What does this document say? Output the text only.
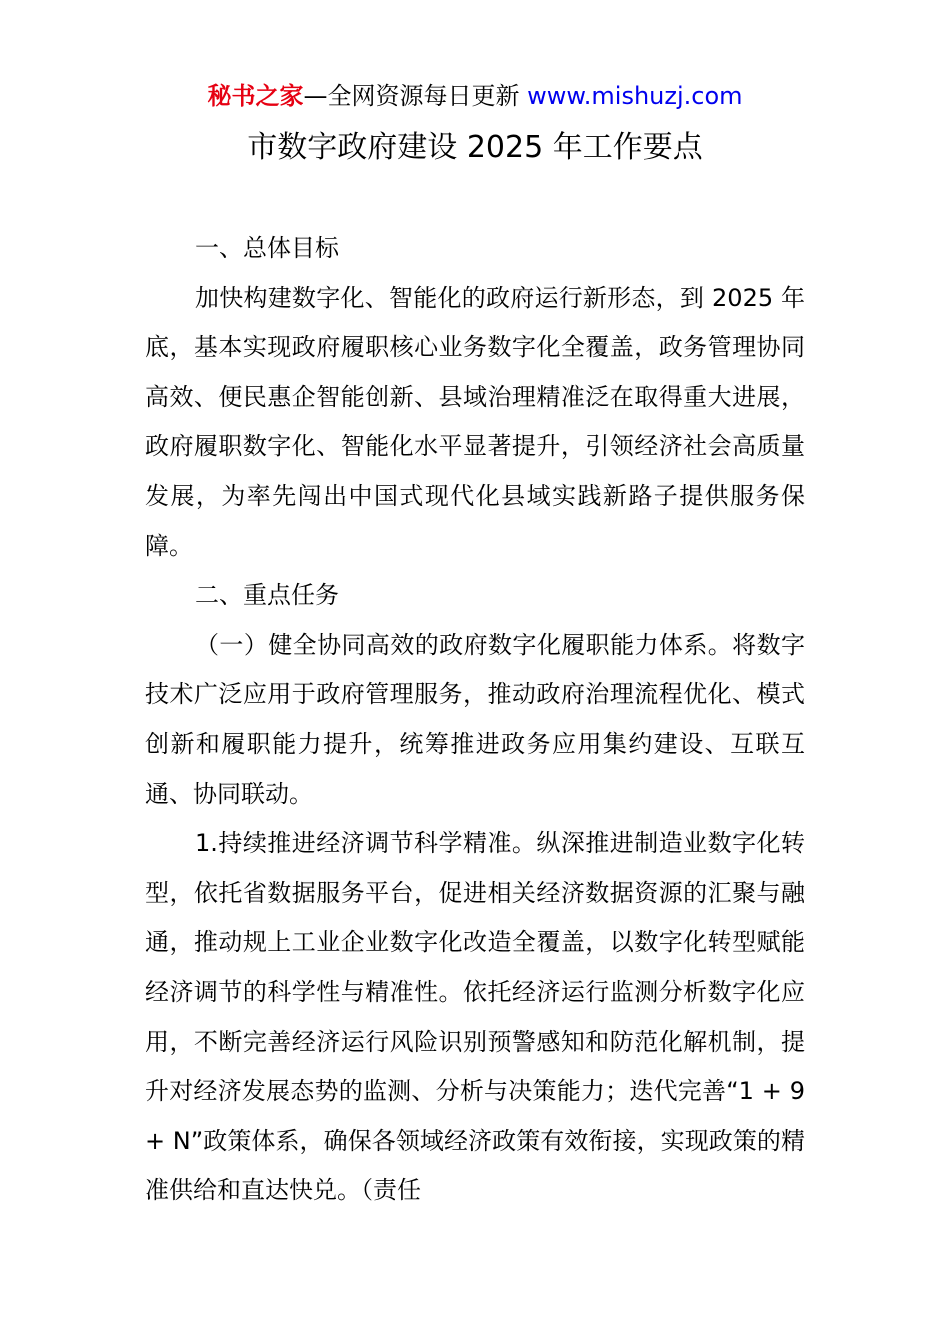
秘书之家—全网资源每日更新 www.mishuzj.com
市数字政府建设 2025 年工作要点

一、总体目标

加快构建数字化、智能化的政府运行新形态，到 2025 年底，基本实现政府履职核心业务数字化全覆盖，政务管理协同高效、便民惠企智能创新、县域治理精准泛在取得重大进展，政府履职数字化、智能化水平显著提升，引领经济社会高质量发展，为率先闯出中国式现代化县域实践新路子提供服务保障。

二、重点任务

（一）健全协同高效的政府数字化履职能力体系。将数字技术广泛应用于政府管理服务，推动政府治理流程优化、模式创新和履职能力提升，统筹推进政务应用集约建设、互联互通、协同联动。

1.持续推进经济调节科学精准。纵深推进制造业数字化转型，依托省数据服务平台，促进相关经济数据资源的汇聚与融通，推动规上工业企业数字化改造全覆盖，以数字化转型赋能经济调节的科学性与精准性。依托经济运行监测分析数字化应用，不断完善经济运行风险识别预警感知和防范化解机制，提升对经济发展态势的监测、分析与决策能力；迭代完善“1 + 9 + N”政策体系，确保各领域经济政策有效衔接，实现政策的精准供给和直达快兑。（责任
